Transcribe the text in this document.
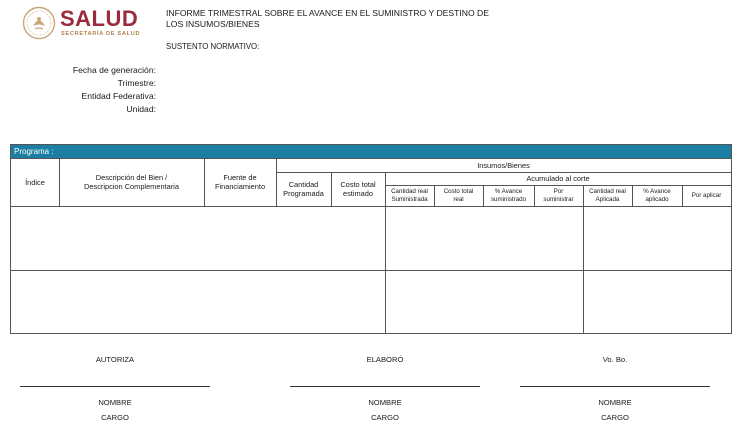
SALUD
SECRETARÍA DE SALUD
INFORME TRIMESTRAL SOBRE EL AVANCE EN EL SUMINISTRO Y DESTINO DE LOS INSUMOS/BIENES
SUSTENTO NORMATIVO:
Fecha de generación:
Trimestre:
Entidad Federativa:
Unidad:
Programa :
Índice	Descripción del Bien / Descripcion Complementaria
Fuente de Financiamiento
Insumos/Bienes
Cantidad Programada
Costo total estimado
Acumulado al corte
Cantidad real Suministrada
Costo total real
% Avance suministrado
Por suministrar
Cantidad real Aplicada
% Avance aplicado
Por aplicar
AUTORIZA
NOMBRE
CARGO
ELABORÓ
NOMBRE
CARGO
Vo. Bo.
NOMBRE
CARGO
